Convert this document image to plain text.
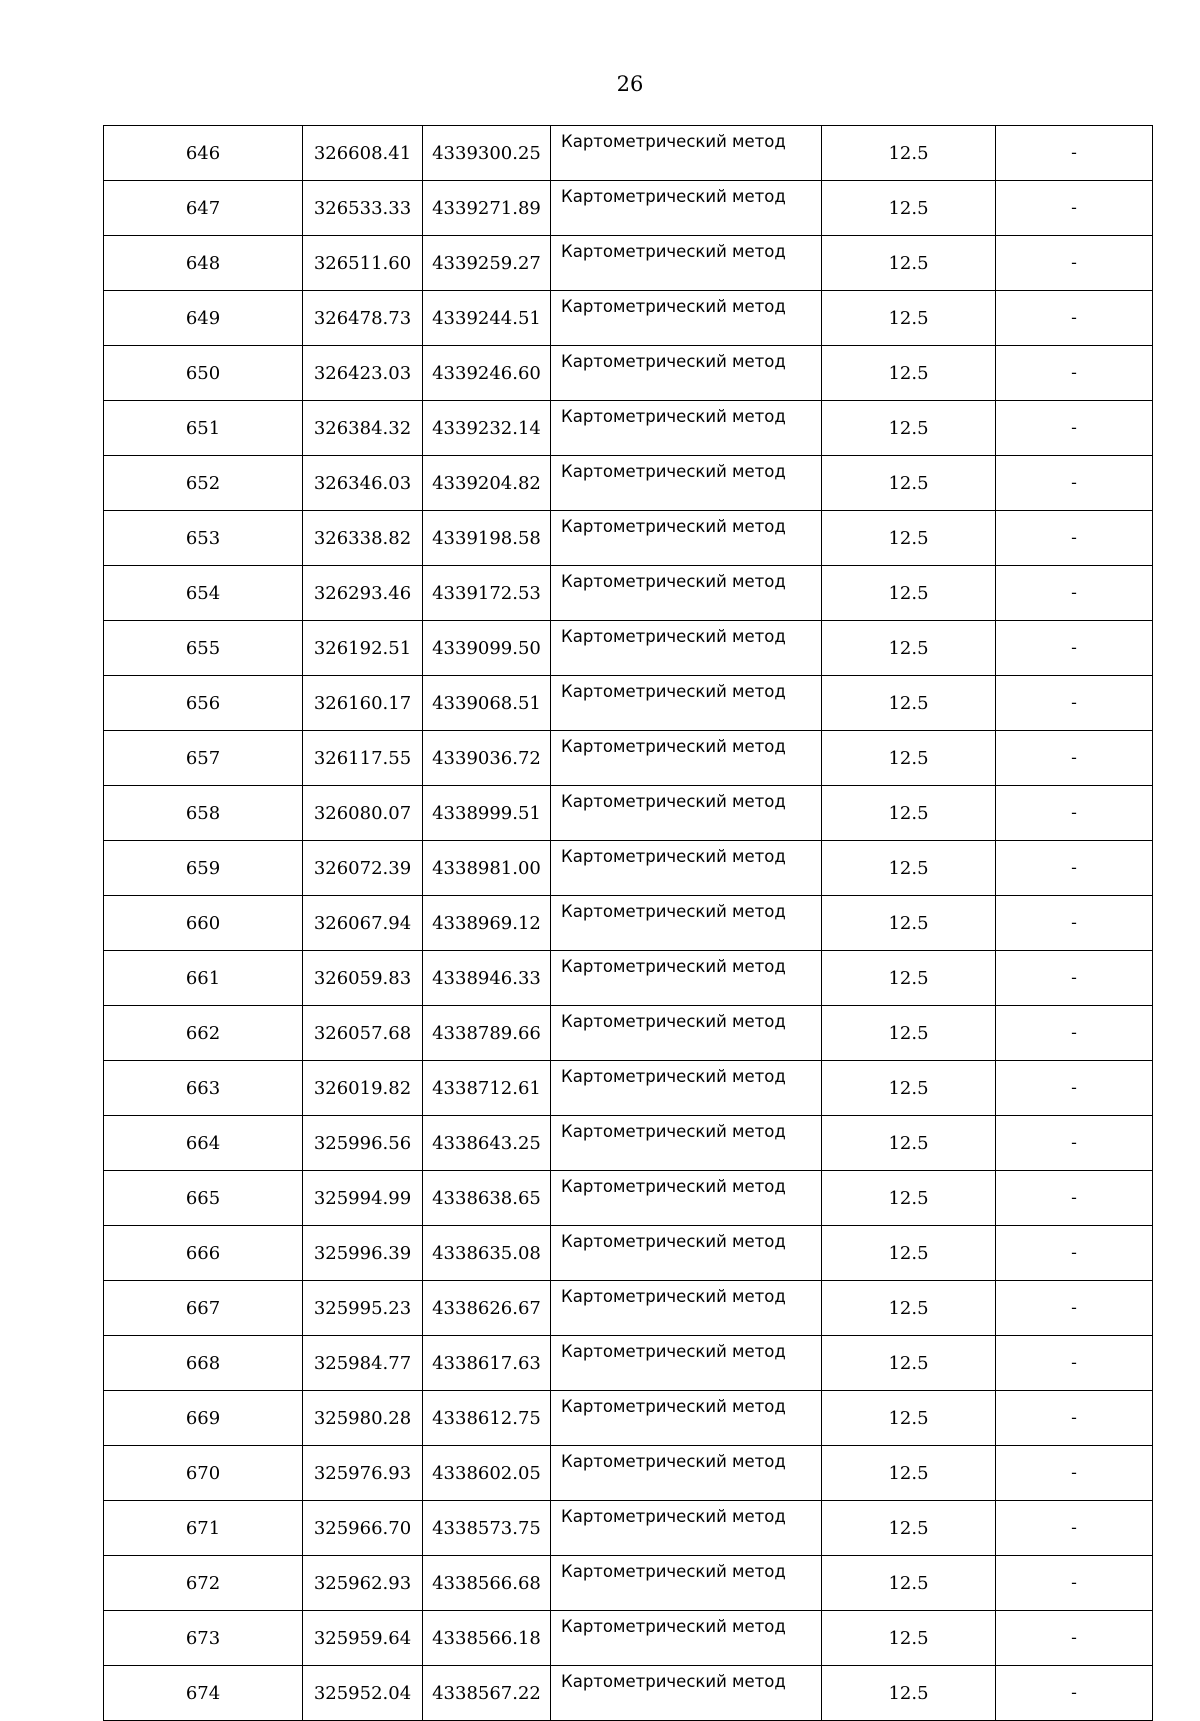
26
646	326608.41	4339300.25	Картометрический метод	12.5	-
647	326533.33	4339271.89	Картометрический метод	12.5	-
648	326511.60	4339259.27	Картометрический метод	12.5	-
649	326478.73	4339244.51	Картометрический метод	12.5	-
650	326423.03	4339246.60	Картометрический метод	12.5	-
651	326384.32	4339232.14	Картометрический метод	12.5	-
652	326346.03	4339204.82	Картометрический метод	12.5	-
653	326338.82	4339198.58	Картометрический метод	12.5	-
654	326293.46	4339172.53	Картометрический метод	12.5	-
655	326192.51	4339099.50	Картометрический метод	12.5	-
656	326160.17	4339068.51	Картометрический метод	12.5	-
657	326117.55	4339036.72	Картометрический метод	12.5	-
658	326080.07	4338999.51	Картометрический метод	12.5	-
659	326072.39	4338981.00	Картометрический метод	12.5	-
660	326067.94	4338969.12	Картометрический метод	12.5	-
661	326059.83	4338946.33	Картометрический метод	12.5	-
662	326057.68	4338789.66	Картометрический метод	12.5	-
663	326019.82	4338712.61	Картометрический метод	12.5	-
664	325996.56	4338643.25	Картометрический метод	12.5	-
665	325994.99	4338638.65	Картометрический метод	12.5	-
666	325996.39	4338635.08	Картометрический метод	12.5	-
667	325995.23	4338626.67	Картометрический метод	12.5	-
668	325984.77	4338617.63	Картометрический метод	12.5	-
669	325980.28	4338612.75	Картометрический метод	12.5	-
670	325976.93	4338602.05	Картометрический метод	12.5	-
671	325966.70	4338573.75	Картометрический метод	12.5	-
672	325962.93	4338566.68	Картометрический метод	12.5	-
673	325959.64	4338566.18	Картометрический метод	12.5	-
674	325952.04	4338567.22	Картометрический метод	12.5	-
